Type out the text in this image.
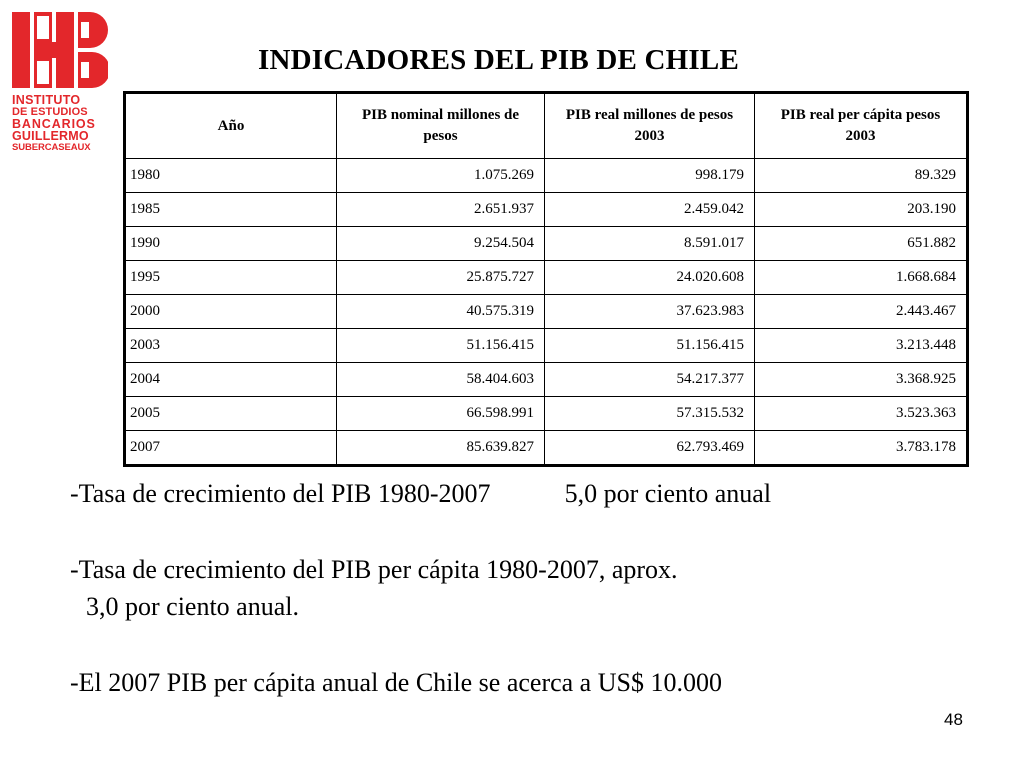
INSTITUTO
DE ESTUDIOS
BANCARIOS
GUILLERMO
SUBERCASEAUX
INDICADORES DEL PIB DE CHILE
Año	PIB nominal millones de pesos	PIB real millones de pesos 2003	PIB real per cápita pesos 2003
1980	1.075.269	998.179	89.329
1985	2.651.937	2.459.042	203.190
1990	9.254.504	8.591.017	651.882
1995	25.875.727	24.020.608	1.668.684
2000	40.575.319	37.623.983	2.443.467
2003	51.156.415	51.156.415	3.213.448
2004	58.404.603	54.217.377	3.368.925
2005	66.598.991	57.315.532	3.523.363
2007	85.639.827	62.793.469	3.783.178

-Tasa de crecimiento del PIB 1980-2007	5,0 por ciento anual

-Tasa de crecimiento del PIB per cápita 1980-2007, aprox.

3,0 por ciento anual.

-El 2007 PIB per cápita anual de Chile se acerca a US$ 10.000

48
